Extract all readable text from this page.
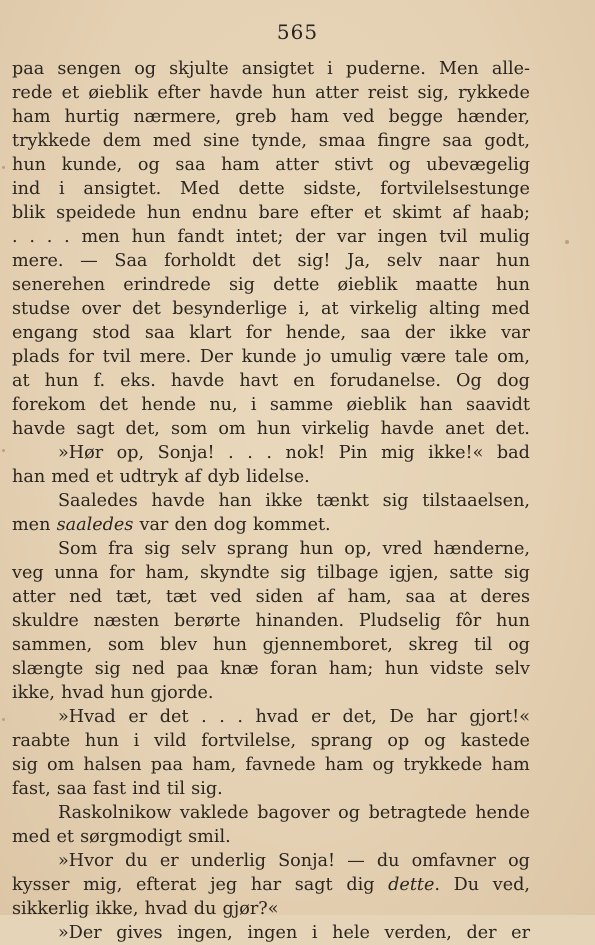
565
paa sengen og skjulte ansigtet i puderne. Men alle-
rede et øieblik efter havde hun atter reist sig, rykkede
ham hurtig nærmere, greb ham ved begge hænder,
trykkede dem med sine tynde, smaa fingre saa godt,
hun kunde, og saa ham atter stivt og ubevægelig
ind i ansigtet. Med dette sidste, fortvilelsestunge
blik speidede hun endnu bare efter et skimt af haab;
. . . . men hun fandt intet; der var ingen tvil mulig
mere. — Saa forholdt det sig! Ja, selv naar hun
senerehen erindrede sig dette øieblik maatte hun
studse over det besynderlige i, at virkelig alting med
engang stod saa klart for hende, saa der ikke var
plads for tvil mere. Der kunde jo umulig være tale om,
at hun f. eks. havde havt en forudanelse. Og dog
forekom det hende nu, i samme øieblik han saavidt
havde sagt det, som om hun virkelig havde anet det.
»Hør op, Sonja! . . . nok! Pin mig ikke!« bad
han med et udtryk af dyb lidelse.
Saaledes havde han ikke tænkt sig tilstaaelsen,
men saaledes var den dog kommet.
Som fra sig selv sprang hun op, vred hænderne,
veg unna for ham, skyndte sig tilbage igjen, satte sig
atter ned tæt, tæt ved siden af ham, saa at deres
skuldre næsten berørte hinanden. Pludselig fôr hun
sammen, som blev hun gjennemboret, skreg til og
slængte sig ned paa knæ foran ham; hun vidste selv
ikke, hvad hun gjorde.
»Hvad er det . . . hvad er det, De har gjort!«
raabte hun i vild fortvilelse, sprang op og kastede
sig om halsen paa ham, favnede ham og trykkede ham
fast, saa fast ind til sig.
Raskolnikow vaklede bagover og betragtede hende
med et sørgmodigt smil.
»Hvor du er underlig Sonja! — du omfavner og
kysser mig, efterat jeg har sagt dig dette. Du ved,
sikkerlig ikke, hvad du gjør?«
»Der gives ingen, ingen i hele verden, der er
